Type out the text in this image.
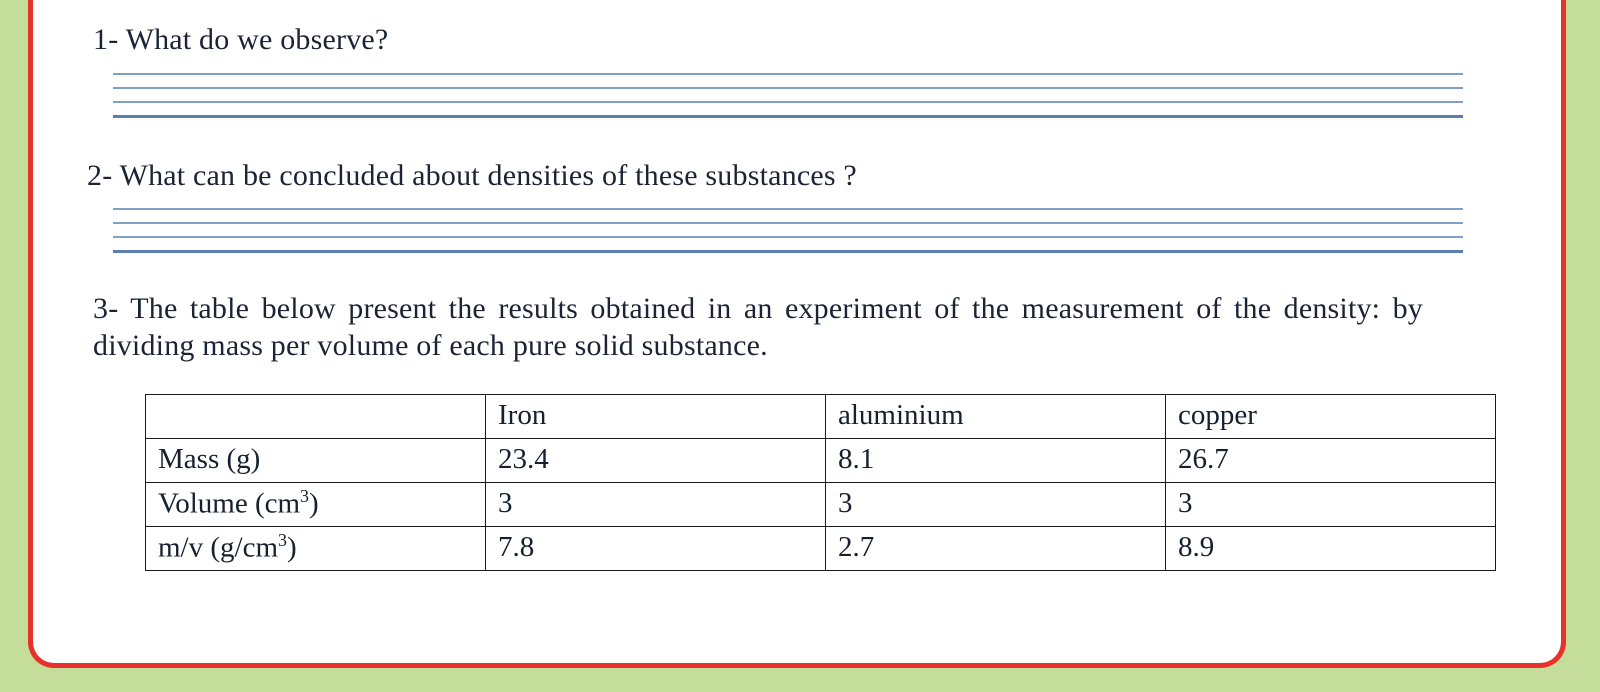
1- What do we observe?

2- What can be concluded about densities of these substances ?

3- The table below present the results obtained in an experiment of the measurement of the density: by dividing mass per volume of each pure solid substance.

	Iron	aluminium	copper
Mass (g)	23.4	8.1	26.7
Volume $(cm^3)$	3	3	3
m/v $(g/cm^3)$	7.8	2.7	8.9
